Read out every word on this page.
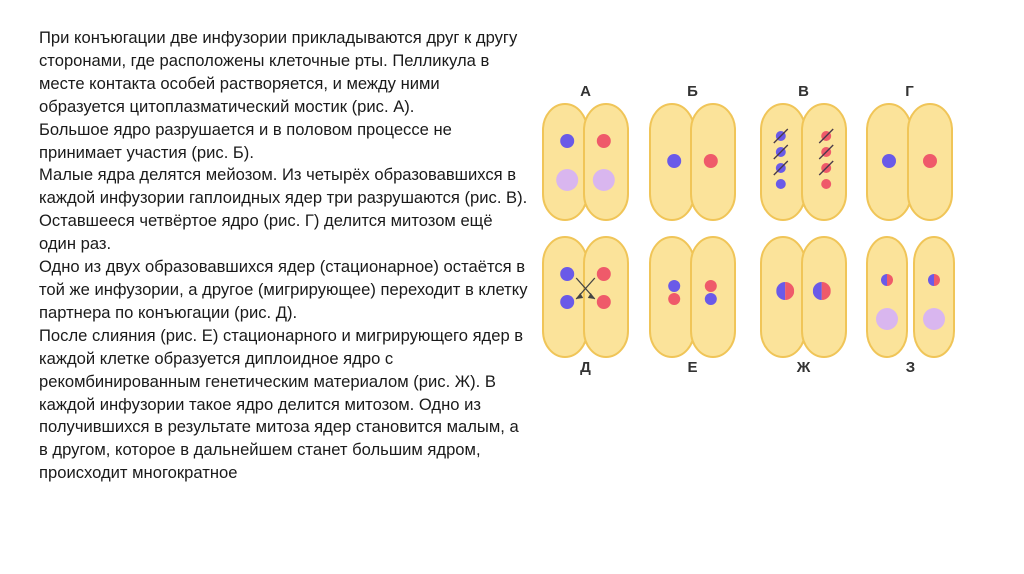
При конъюгации две инфузории прикладываются друг к другу сторонами, где расположены клеточные рты. Пелликула в месте контакта особей растворяется, и между ними образуется цитоплазматический мостик (рис. А).

Большое ядро разрушается и в половом процессе не принимает участия (рис. Б).

Малые ядра делятся мейозом. Из четырёх образовавшихся в каждой инфузории гаплоидных ядер три разрушаются (рис. В). Оставшееся четвёртое ядро (рис. Г) делится митозом ещё один раз.

Одно из двух образовавшихся ядер (стационарное) остаётся в той же инфузории, а другое (мигрирующее) переходит в клетку партнера по конъюгации (рис. Д).

После слияния (рис. Е) стационарного и мигрирующего ядер в каждой клетке образуется диплоидное ядро с рекомбинированным генетическим материалом (рис. Ж). В каждой инфузории такое ядро делится митозом. Одно из получившихся в результате митоза ядер становится малым, а в другом, которое в дальнейшем станет большим ядром, происходит многократное

А	Б	В	Г
Д	Е	Ж	З
